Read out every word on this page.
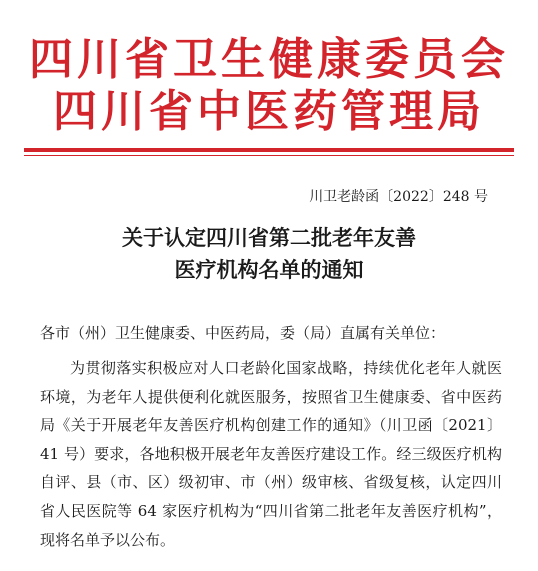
四川省卫生健康委员会
四川省中医药管理局
川卫老龄函〔2022〕248 号
关于认定四川省第二批老年友善
医疗机构名单的通知
各市（州）卫生健康委、中医药局，委（局）直属有关单位：

为贯彻落实积极应对人口老龄化国家战略，持续优化老年人就医环境，为老年人提供便利化就医服务，按照省卫生健康委、省中医药局《关于开展老年友善医疗机构创建工作的通知》（川卫函〔2021〕41 号）要求，各地积极开展老年友善医疗建设工作。经三级医疗机构自评、县（市、区）级初审、市（州）级审核、省级复核，认定四川省人民医院等 64 家医疗机构为“四川省第二批老年友善医疗机构”，现将名单予以公布。
